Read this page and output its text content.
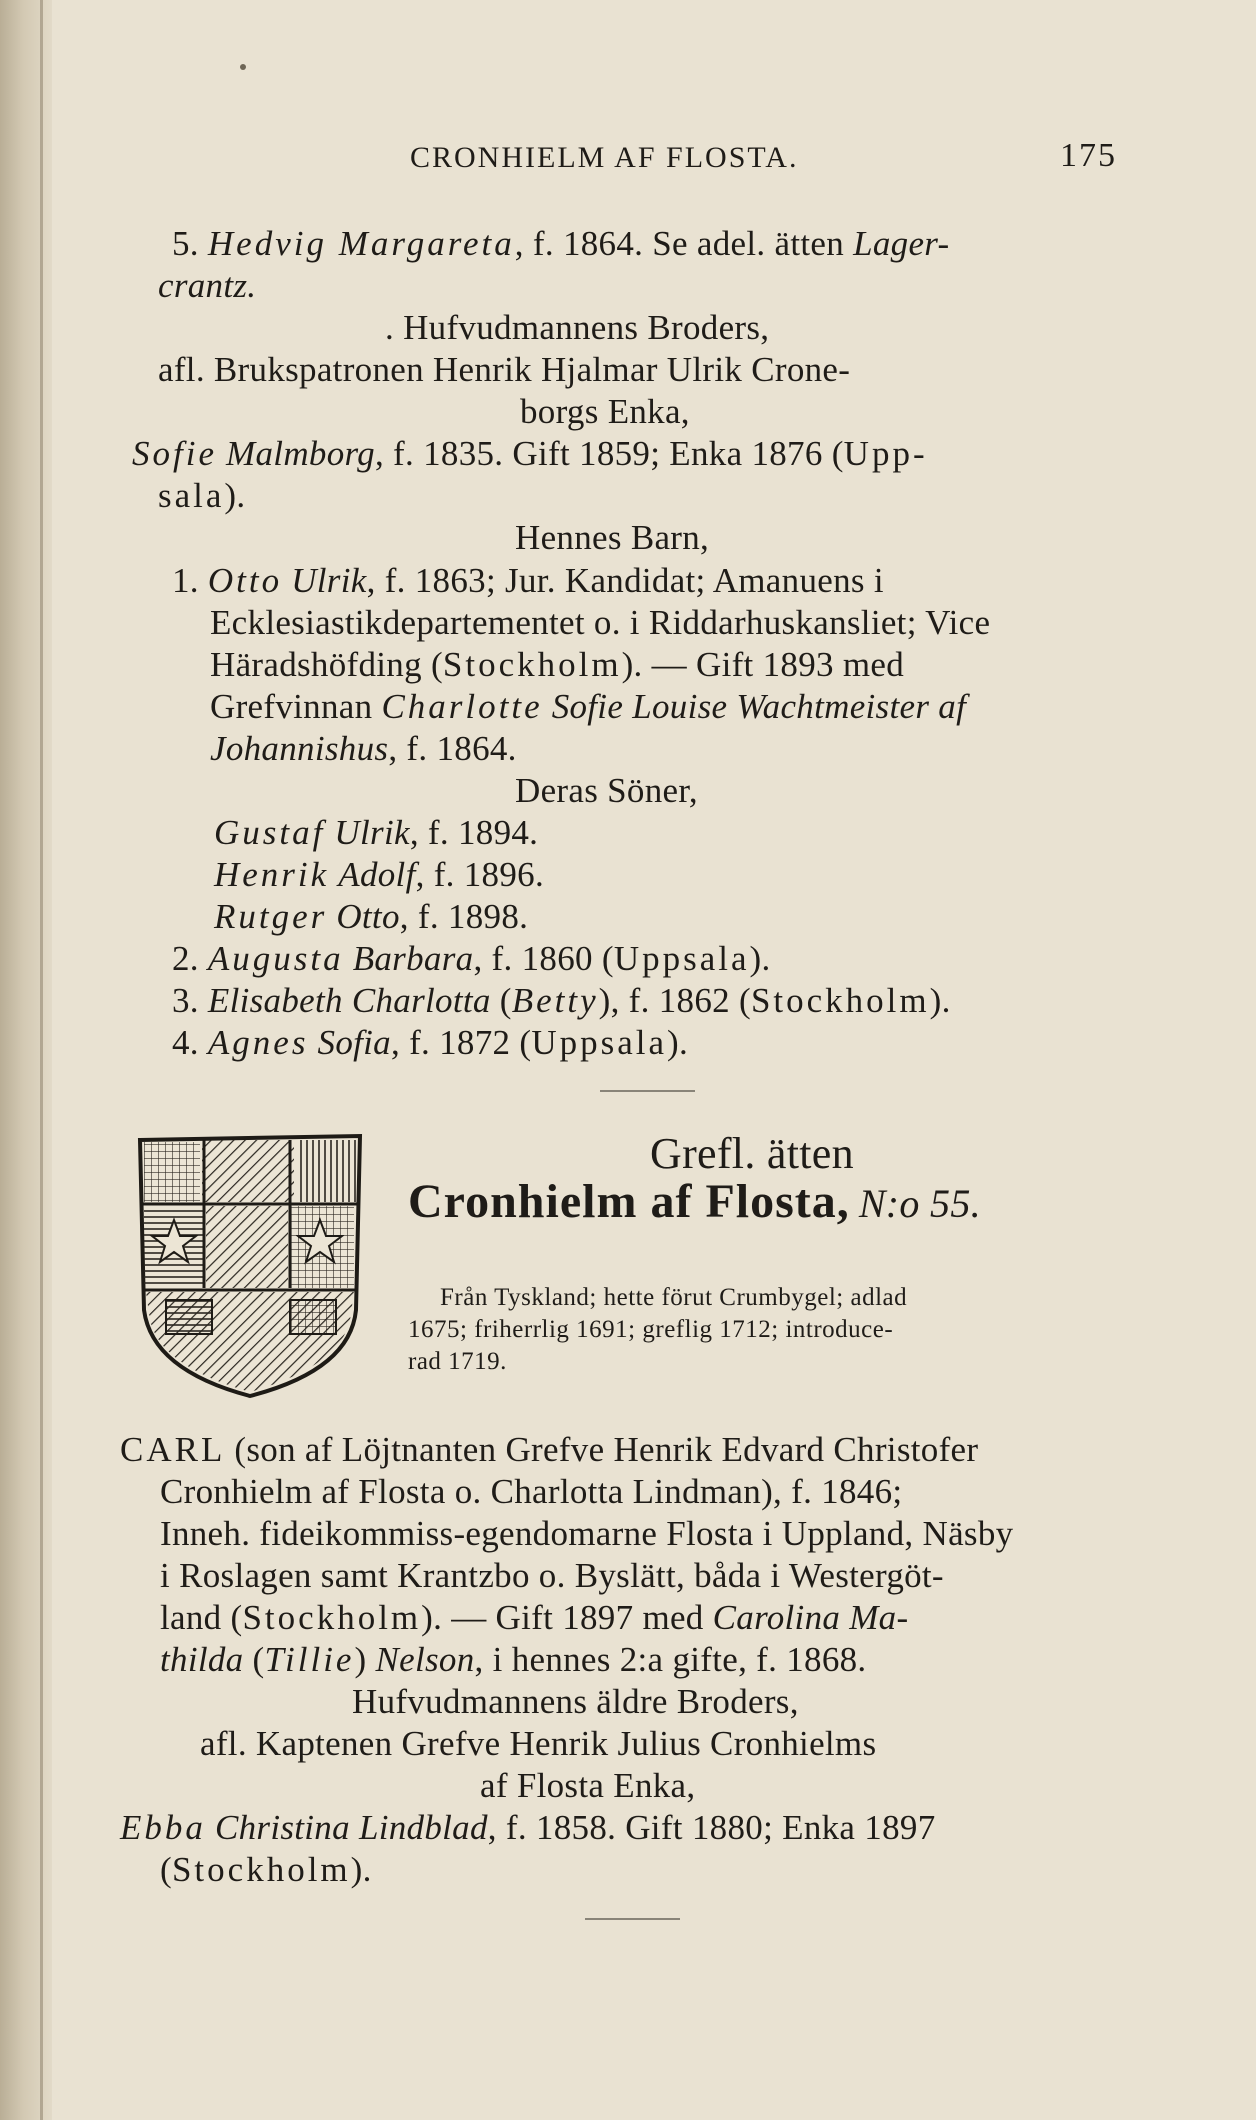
CRONHIELM AF FLOSTA.	175
5. Hedvig Margareta, f. 1864. Se adel. ätten Lager-
crantz.
. Hufvudmannens Broders,
afl. Brukspatronen Henrik Hjalmar Ulrik Crone-
borgs Enka,
Sofie Malmborg, f. 1835. Gift 1859; Enka 1876 (Upp-
sala).
Hennes Barn,
1. Otto Ulrik, f. 1863; Jur. Kandidat; Amanuens i
Ecklesiastikdepartementet o. i Riddarhuskansliet; Vice
Häradshöfding (Stockholm). — Gift 1893 med
Grefvinnan Charlotte Sofie Louise Wachtmeister af
Johannishus, f. 1864.
Deras Söner,
Gustaf Ulrik, f. 1894.
Henrik Adolf, f. 1896.
Rutger Otto, f. 1898.
2. Augusta Barbara, f. 1860 (Uppsala).
3. Elisabeth Charlotta (Betty), f. 1862 (Stockholm).
4. Agnes Sofia, f. 1872 (Uppsala).
Grefl. ätten
Cronhielm af Flosta, N:o 55.
Från Tyskland; hette förut Crumbygel; adlad
1675; friherrlig 1691; greflig 1712; introduce-
rad 1719.
CARL (son af Löjtnanten Grefve Henrik Edvard Christofer
Cronhielm af Flosta o. Charlotta Lindman), f. 1846;
Inneh. fideikommiss-egendomarne Flosta i Uppland, Näsby
i Roslagen samt Krantzbo o. Byslätt, båda i Westergöt-
land (Stockholm). — Gift 1897 med Carolina Ma-
thilda (Tillie) Nelson, i hennes 2:a gifte, f. 1868.
Hufvudmannens äldre Broders,
afl. Kaptenen Grefve Henrik Julius Cronhielms
af Flosta Enka,
Ebba Christina Lindblad, f. 1858. Gift 1880; Enka 1897
(Stockholm).
